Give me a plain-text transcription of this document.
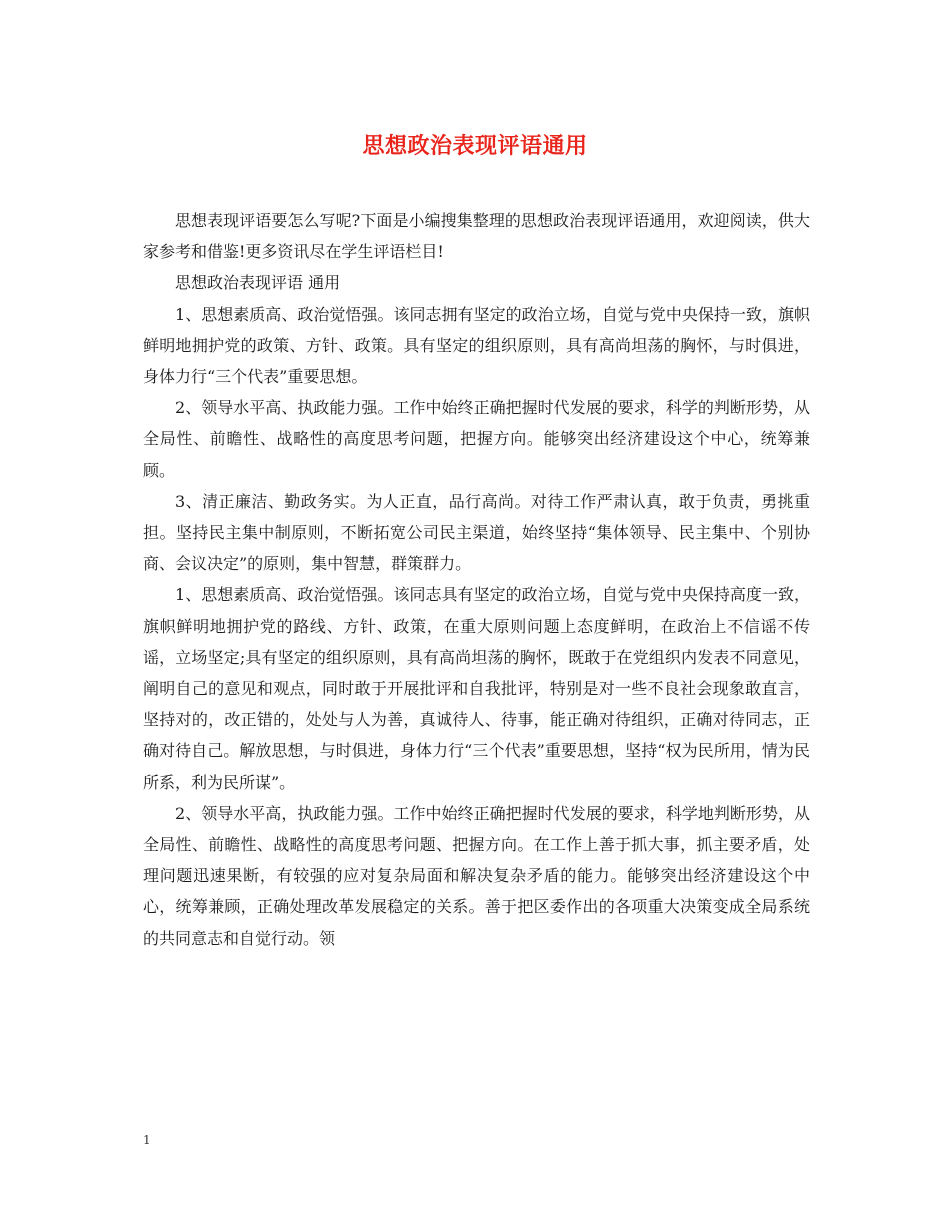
思想政治表现评语通用

思想表现评语要怎么写呢?下面是小编搜集整理的思想政治表现评语通用，欢迎阅读，供大家参考和借鉴!更多资讯尽在学生评语栏目!

思想政治表现评语 通用

1、思想素质高、政治觉悟强。该同志拥有坚定的政治立场，自觉与党中央保持一致，旗帜鲜明地拥护党的政策、方针、政策。具有坚定的组织原则，具有高尚坦荡的胸怀，与时俱进，身体力行“三个代表”重要思想。

2、领导水平高、执政能力强。工作中始终正确把握时代发展的要求，科学的判断形势，从全局性、前瞻性、战略性的高度思考问题，把握方向。能够突出经济建设这个中心，统筹兼顾。

3、清正廉洁、勤政务实。为人正直，品行高尚。对待工作严肃认真，敢于负责，勇挑重担。坚持民主集中制原则，不断拓宽公司民主渠道，始终坚持“集体领导、民主集中、个别协商、会议决定”的原则，集中智慧，群策群力。

1、思想素质高、政治觉悟强。该同志具有坚定的政治立场，自觉与党中央保持高度一致，旗帜鲜明地拥护党的路线、方针、政策，在重大原则问题上态度鲜明，在政治上不信谣不传谣，立场坚定;具有坚定的组织原则，具有高尚坦荡的胸怀，既敢于在党组织内发表不同意见，阐明自己的意见和观点，同时敢于开展批评和自我批评，特别是对一些不良社会现象敢直言，坚持对的，改正错的，处处与人为善，真诚待人、待事，能正确对待组织，正确对待同志，正确对待自己。解放思想，与时俱进，身体力行“三个代表”重要思想，坚持“权为民所用，情为民所系，利为民所谋”。

2、领导水平高，执政能力强。工作中始终正确把握时代发展的要求，科学地判断形势，从全局性、前瞻性、战略性的高度思考问题、把握方向。在工作上善于抓大事，抓主要矛盾，处理问题迅速果断，有较强的应对复杂局面和解决复杂矛盾的能力。能够突出经济建设这个中心，统筹兼顾，正确处理改革发展稳定的关系。善于把区委作出的各项重大决策变成全局系统的共同意志和自觉行动。领

1
